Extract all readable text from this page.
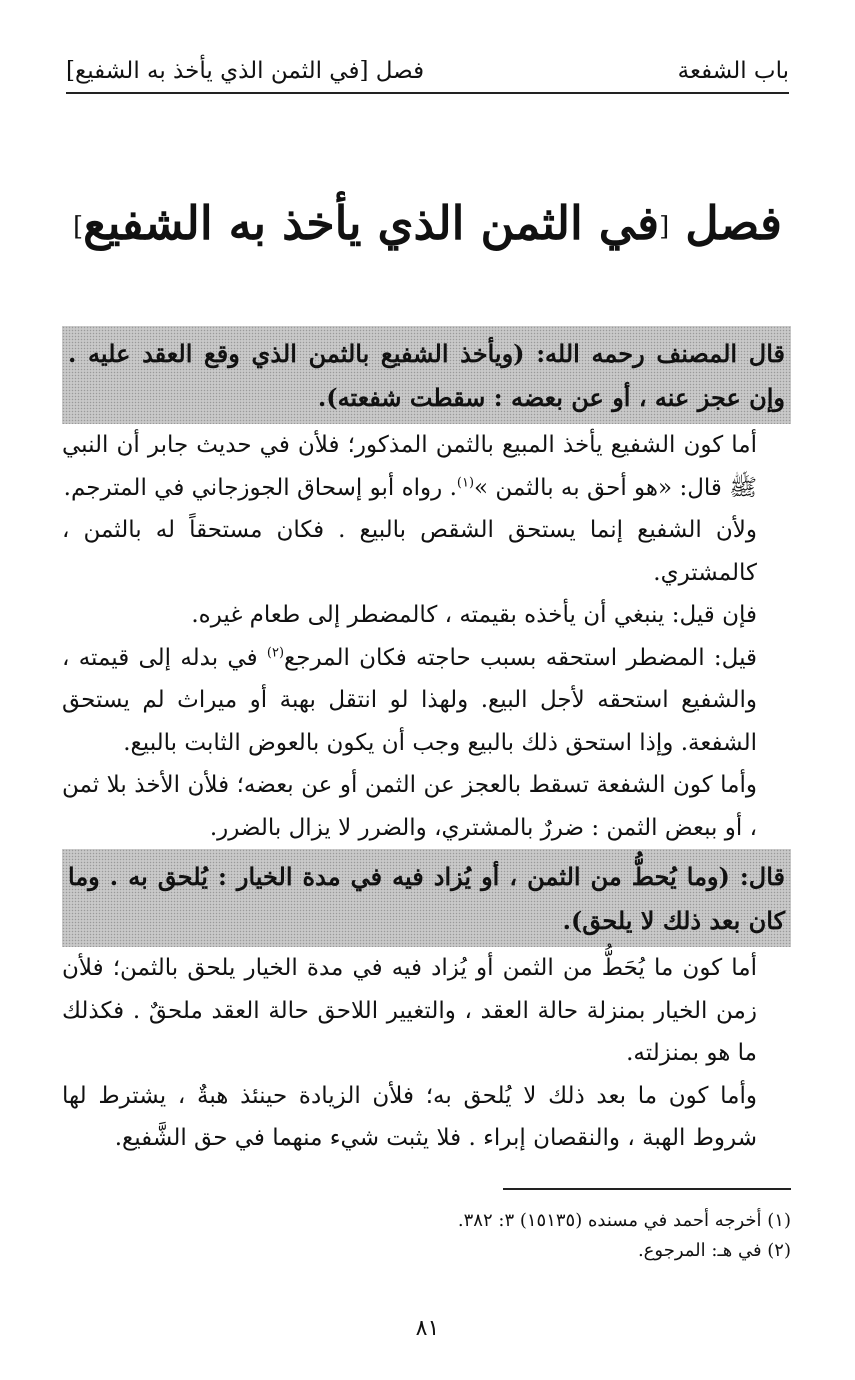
باب الشفعة
فصل [في الثمن الذي يأخذ به الشفيع]
فصل [في الثمن الذي يأخذ به الشفيع]
قال المصنف رحمه الله: (ويأخذ الشفيع بالثمن الذي وقع العقد عليه . وإن عجز عنه ، أو عن بعضه : سقطت شفعته).

أما كون الشفيع يأخذ المبيع بالثمن المذكور؛ فلأن في حديث جابر أن النبي ﷺ قال: «هو أحق به بالثمن »$^{(١)}$. رواه أبو إسحاق الجوزجاني في المترجم.

ولأن الشفيع إنما يستحق الشقص بالبيع . فكان مستحقاً له بالثمن ، كالمشتري.

فإن قيل: ينبغي أن يأخذه بقيمته ، كالمضطر إلى طعام غيره.

قيل: المضطر استحقه بسبب حاجته فكان المرجع$^{(٢)}$ في بدله إلى قيمته ، والشفيع استحقه لأجل البيع. ولهذا لو انتقل بهبة أو ميراث لم يستحق الشفعة. وإذا استحق ذلك بالبيع وجب أن يكون بالعوض الثابت بالبيع.

وأما كون الشفعة تسقط بالعجز عن الثمن أو عن بعضه؛ فلأن الأخذ بلا ثمن ، أو ببعض الثمن : ضررٌ بالمشتري، والضرر لا يزال بالضرر.

قال: (وما يُحطُّ من الثمن ، أو يُزاد فيه في مدة الخيار : يُلحق به . وما كان بعد ذلك لا يلحق).

أما كون ما يُحَطُّ من الثمن أو يُزاد فيه في مدة الخيار يلحق بالثمن؛ فلأن زمن الخيار بمنزلة حالة العقد ، والتغيير اللاحق حالة العقد ملحقٌ . فكذلك ما هو بمنزلته.

وأما كون ما بعد ذلك لا يُلحق به؛ فلأن الزيادة حينئذ هبةٌ ، يشترط لها شروط الهبة ، والنقصان إبراء . فلا يثبت شيء منهما في حق الشَّفيع.

(١) أخرجه أحمد في مسنده (١٥١٣٥) ٣: ٣٨٢.
(٢) في هـ: المرجوع.
٨١
